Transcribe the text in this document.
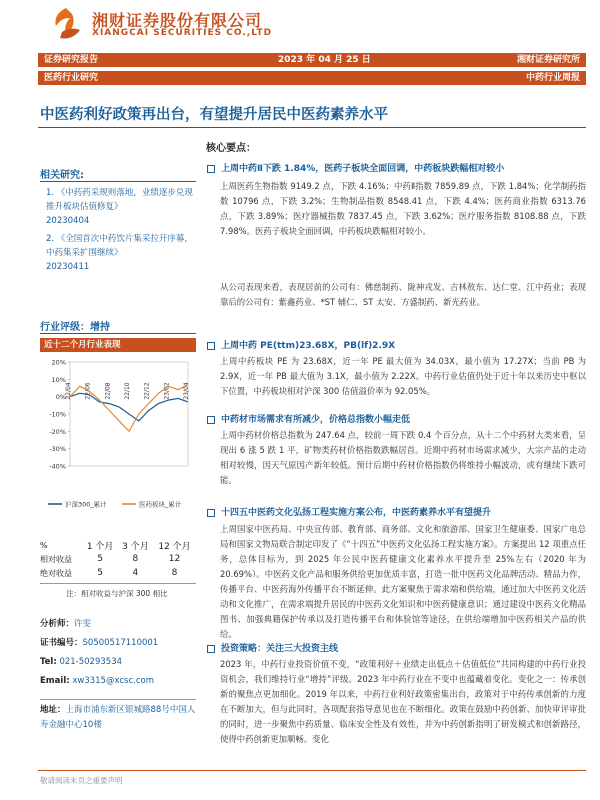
湘财证券股份有限公司
XIANGCAI SECURITIES CO.,LTD
证券研究报告	2023 年 04 月 25 日	湘财证券研究所
医药行业研究	中药行业周报
中医药利好政策再出台，有望提升居民中医药素养水平
相关研究:
1. 《中药药采规则落地，业绩逐步兑现推升板块估值修复》
20230404
2. 《全国首次中药饮片集采拉开序幕，中药集采扩围继续》
20230411
行业评级：增持
近十二个月行业表现
20%
10%
0%
-10%
-20%
-30%
-40%
22/04 22/06 22/08 22/10 22/12 23/02 23/04
沪深300_累计	医药板块_累计
%	1 个月	3 个月	12 个月
相对收益	5	8	12
绝对收益	5	4	8
注：相对收益与沪深 300 相比
分析师：许雯
证书编号：S0500517110001
Tel: 021-50293534
Email: xw3315@xcsc.com
地址：上海市浦东新区银城路88号中国人寿金融中心10楼
核心要点：
上周中药Ⅱ下跌 1.84%，医药子板块全面回调，中药板块跌幅相对较小
上周医药生物指数 9149.2 点，下跌 4.16%；中药Ⅱ指数 7859.89 点，下跌 1.84%；化学制药指数 10796 点，下跌 3.2%；生物制品指数 8548.41 点，下跌 4.4%；医药商业指数 6313.76 点，下跌 3.89%；医疗器械指数 7837.45 点，下跌 3.62%；医疗服务指数 8108.88 点，下跌 7.98%。医药子板块全面回调，中药板块跌幅相对较小。
从公司表现来看，表现居前的公司有：佛慈制药、陇神戎发、吉林敖东、达仁堂、江中药业；表现靠后的公司有：紫鑫药业、*ST 辅仁、ST 太安、方盛制药、新光药业。
上周中药 PE(ttm)23.68X，PB(lf)2.9X
上周中药板块 PE 为 23.68X，近一年 PE 最大值为 34.03X，最小值为 17.27X；当前 PB 为 2.9X，近一年 PB 最大值为 3.1X，最小值为 2.22X。中药行业估值仍处于近十年以来历史中枢以下位置，中药板块相对沪深 300 估值溢价率为 92.05%。
中药材市场需求有所减少，价格总指数小幅走低
上周中药材价格总指数为 247.64 点，较前一周下跌 0.4 个百分点，从十二个中药材大类来看，呈现出 6 涨 5 跌 1 平，矿物类药材价格指数跌幅居首。近期中药材市场需求减少，大宗产品的走动相对较慢，因天气原因产新年较低。预计后期中药材价格指数仍将维持小幅波动，或有继续下跌可能。
十四五中医药文化弘扬工程实施方案公布，中医药素养水平有望提升
上周国家中医药局、中央宣传部、教育部、商务部、文化和旅游部、国家卫生健康委、国家广电总局和国家文物局联合制定印发了《“十四五”中医药文化弘扬工程实施方案》。方案提出 12 项重点任务，总体目标为，到 2025 年公民中医药健康文化素养水平提升至 25%左右（2020 年为 20.69%）。中医药文化产品和服务供给更加优质丰富，打造一批中医药文化品牌活动、精品力作，传播平台、中医药海外传播平台不断延伸。此方案聚焦于需求端和供给端，通过加大中医药文化活动和文化推广，在需求端提升居民的中医药文化知识和中医药健康意识；通过建设中医药文化精品图书、加强典籍保护传承以及打造传播平台和体验馆等途径，在供给端增加中医药相关产品的供给。
投资策略：关注三大投资主线
2023 年，中药行业投资价值不变，“政策利好＋业绩走出低点＋估值低位”共同构建的中药行业投资机会，我们维持行业“增持”评级。2023 年中药行业在不变中也蕴藏着变化。变化之一：传承创新的聚焦点更加细化。2019 年以来，中药行业利好政策密集出台，政策对于中药传承创新的力度在不断加大，但与此同时，各项配套指导意见也在不断细化。政策在鼓励中药创新、加快审评审批的同时，进一步聚焦中药质量、临床安全性及有效性，并为中药创新指明了研发模式和创新路径，使得中药创新更加顺畅。变化
敬请阅读末页之重要声明
